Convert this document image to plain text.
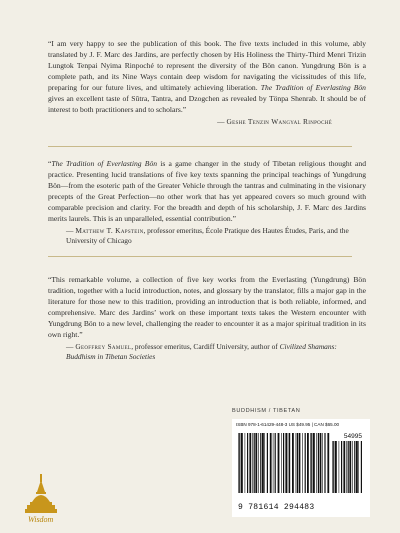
“I am very happy to see the publication of this book. The five texts included in this volume, ably translated by J. F. Marc des Jardins, are perfectly chosen by His Holiness the Thirty-Third Menri Trizin Lungtok Tenpai Nyima Rinpoché to represent the diversity of the Bön canon. Yungdrung Bön is a complete path, and its Nine Ways contain deep wisdom for navigating the vicissitudes of this life, preparing for our future lives, and ultimately achieving liberation. The Tradition of Everlasting Bön gives an excellent taste of Sūtra, Tantra, and Dzogchen as revealed by Tönpa Shenrab. It should be of interest to both practitioners and to scholars.”

— Geshe Tenzin Wangyal Rinpoché

“The Tradition of Everlasting Bön is a game changer in the study of Tibetan religious thought and practice. Presenting lucid translations of five key texts spanning the principal teachings of Yungdrung Bön—from the esoteric path of the Greater Vehicle through the tantras and culminating in the visionary precepts of the Great Perfection—no other work that has yet appeared covers so much ground with comparable precision and clarity. For the breadth and depth of his scholarship, J. F. Marc des Jardins merits laurels. This is an unparalleled, essential contribution.”

— Matthew T. Kapstein, professor emeritus, École Pratique des Hautes Études, Paris, and the University of Chicago

“This remarkable volume, a collection of five key works from the Everlasting (Yungdrung) Bön tradition, together with a lucid introduction, notes, and glossary by the translator, fills a major gap in the literature for those new to this tradition, providing an introduction that is both reliable, informed, and comprehensive. Marc des Jardins’ work on these important texts takes the Western encounter with Yungdrung Bön to a new level, challenging the reader to encounter it as a major spiritual tradition in its own right.”

— Geoffrey Samuel, professor emeritus, Cardiff University, author of Civilized Shamans: Buddhism in Tibetan Societies
BUDDHISM / TIBETAN
ISBN 978-1-61429-448-3 US $49.95 | CAN $65.00
54995
9 781614 294483
Wisdom
